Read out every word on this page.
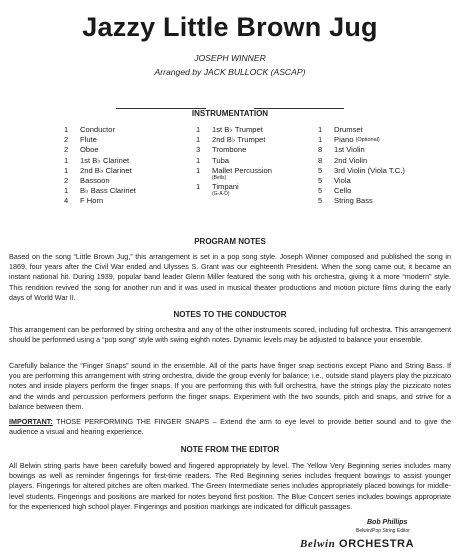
Jazzy Little Brown Jug
JOSEPH WINNER
Arranged by JACK BULLOCK (ASCAP)
INSTRUMENTATION
1	Conductor
2	Flute
2	Oboe
1	1st B♭ Clarinet
1	2nd B♭ Clarinet
2	Bassoon
1	B♭ Bass Clarinet
4	F Horn
1	1st B♭ Trumpet
1	2nd B♭ Trumpet
3	Trombone
1	Tuba
1	Mallet Percussion
(Bells)
1	Timpani
(G-A-D)
1	Drumset
1	Piano
(Optional)
8	1st Violin
8	2nd Violin
5	3rd Violin (Viola T.C.)
5	Viola
5	Cello
5	String Bass
PROGRAM NOTES
Based on the song “Little Brown Jug,” this arrangement is set in a pop song style. Joseph Winner composed and published the song in 1869, four years after the Civil War ended and Ulysses S. Grant was our eighteenth President. When the song came out, it became an instant national hit. During 1939, popular band leader Glenn Miller featured the song with his orchestra, giving it a more “modern” style. This rendition revived the song for another run and it was used in musical theater productions and motion picture films during the early days of World War II.
NOTES TO THE CONDUCTOR
This arrangement can be performed by string orchestra and any of the other instruments scored, including full orchestra. This arrangement should be performed using a “pop song” style with swing eighth notes. Dynamic levels may be adjusted to balance your ensemble.
Carefully balance the “Finger Snaps” sound in the ensemble. All of the parts have finger snap sections except Piano and String Bass. If you are performing this arrangement with string orchestra, divide the group evenly for balance; i.e., outside stand players play the pizzicato notes and inside players perform the finger snaps. If you are performing this with full orchestra, have the strings play the pizzicato notes and the winds and percussion performers perform the finger snaps. Experiment with the two sounds, pitch and snaps, and strive for a balance between them.
IMPORTANT: THOSE PERFORMING THE FINGER SNAPS – Extend the arm to eye level to provide better sound and to give the audience a visual and hearing experience.
NOTE FROM THE EDITOR
All Belwin string parts have been carefully bowed and fingered appropriately by level. The Yellow Very Beginning series includes many bowings as well as reminder fingerings for first-time readers. The Red Beginning series includes frequent bowings to assist younger players. Fingerings for altered pitches are often marked. The Green Intermediate series includes appropriately placed bowings for middle-level students. Fingerings and positions are marked for notes beyond first position. The Blue Concert series includes bowings appropriate for the experienced high school player. Fingerings and position markings are indicated for difficult passages.
Bob Phillips
Belwin/Pop String Editor
Belwin ORCHESTRA
